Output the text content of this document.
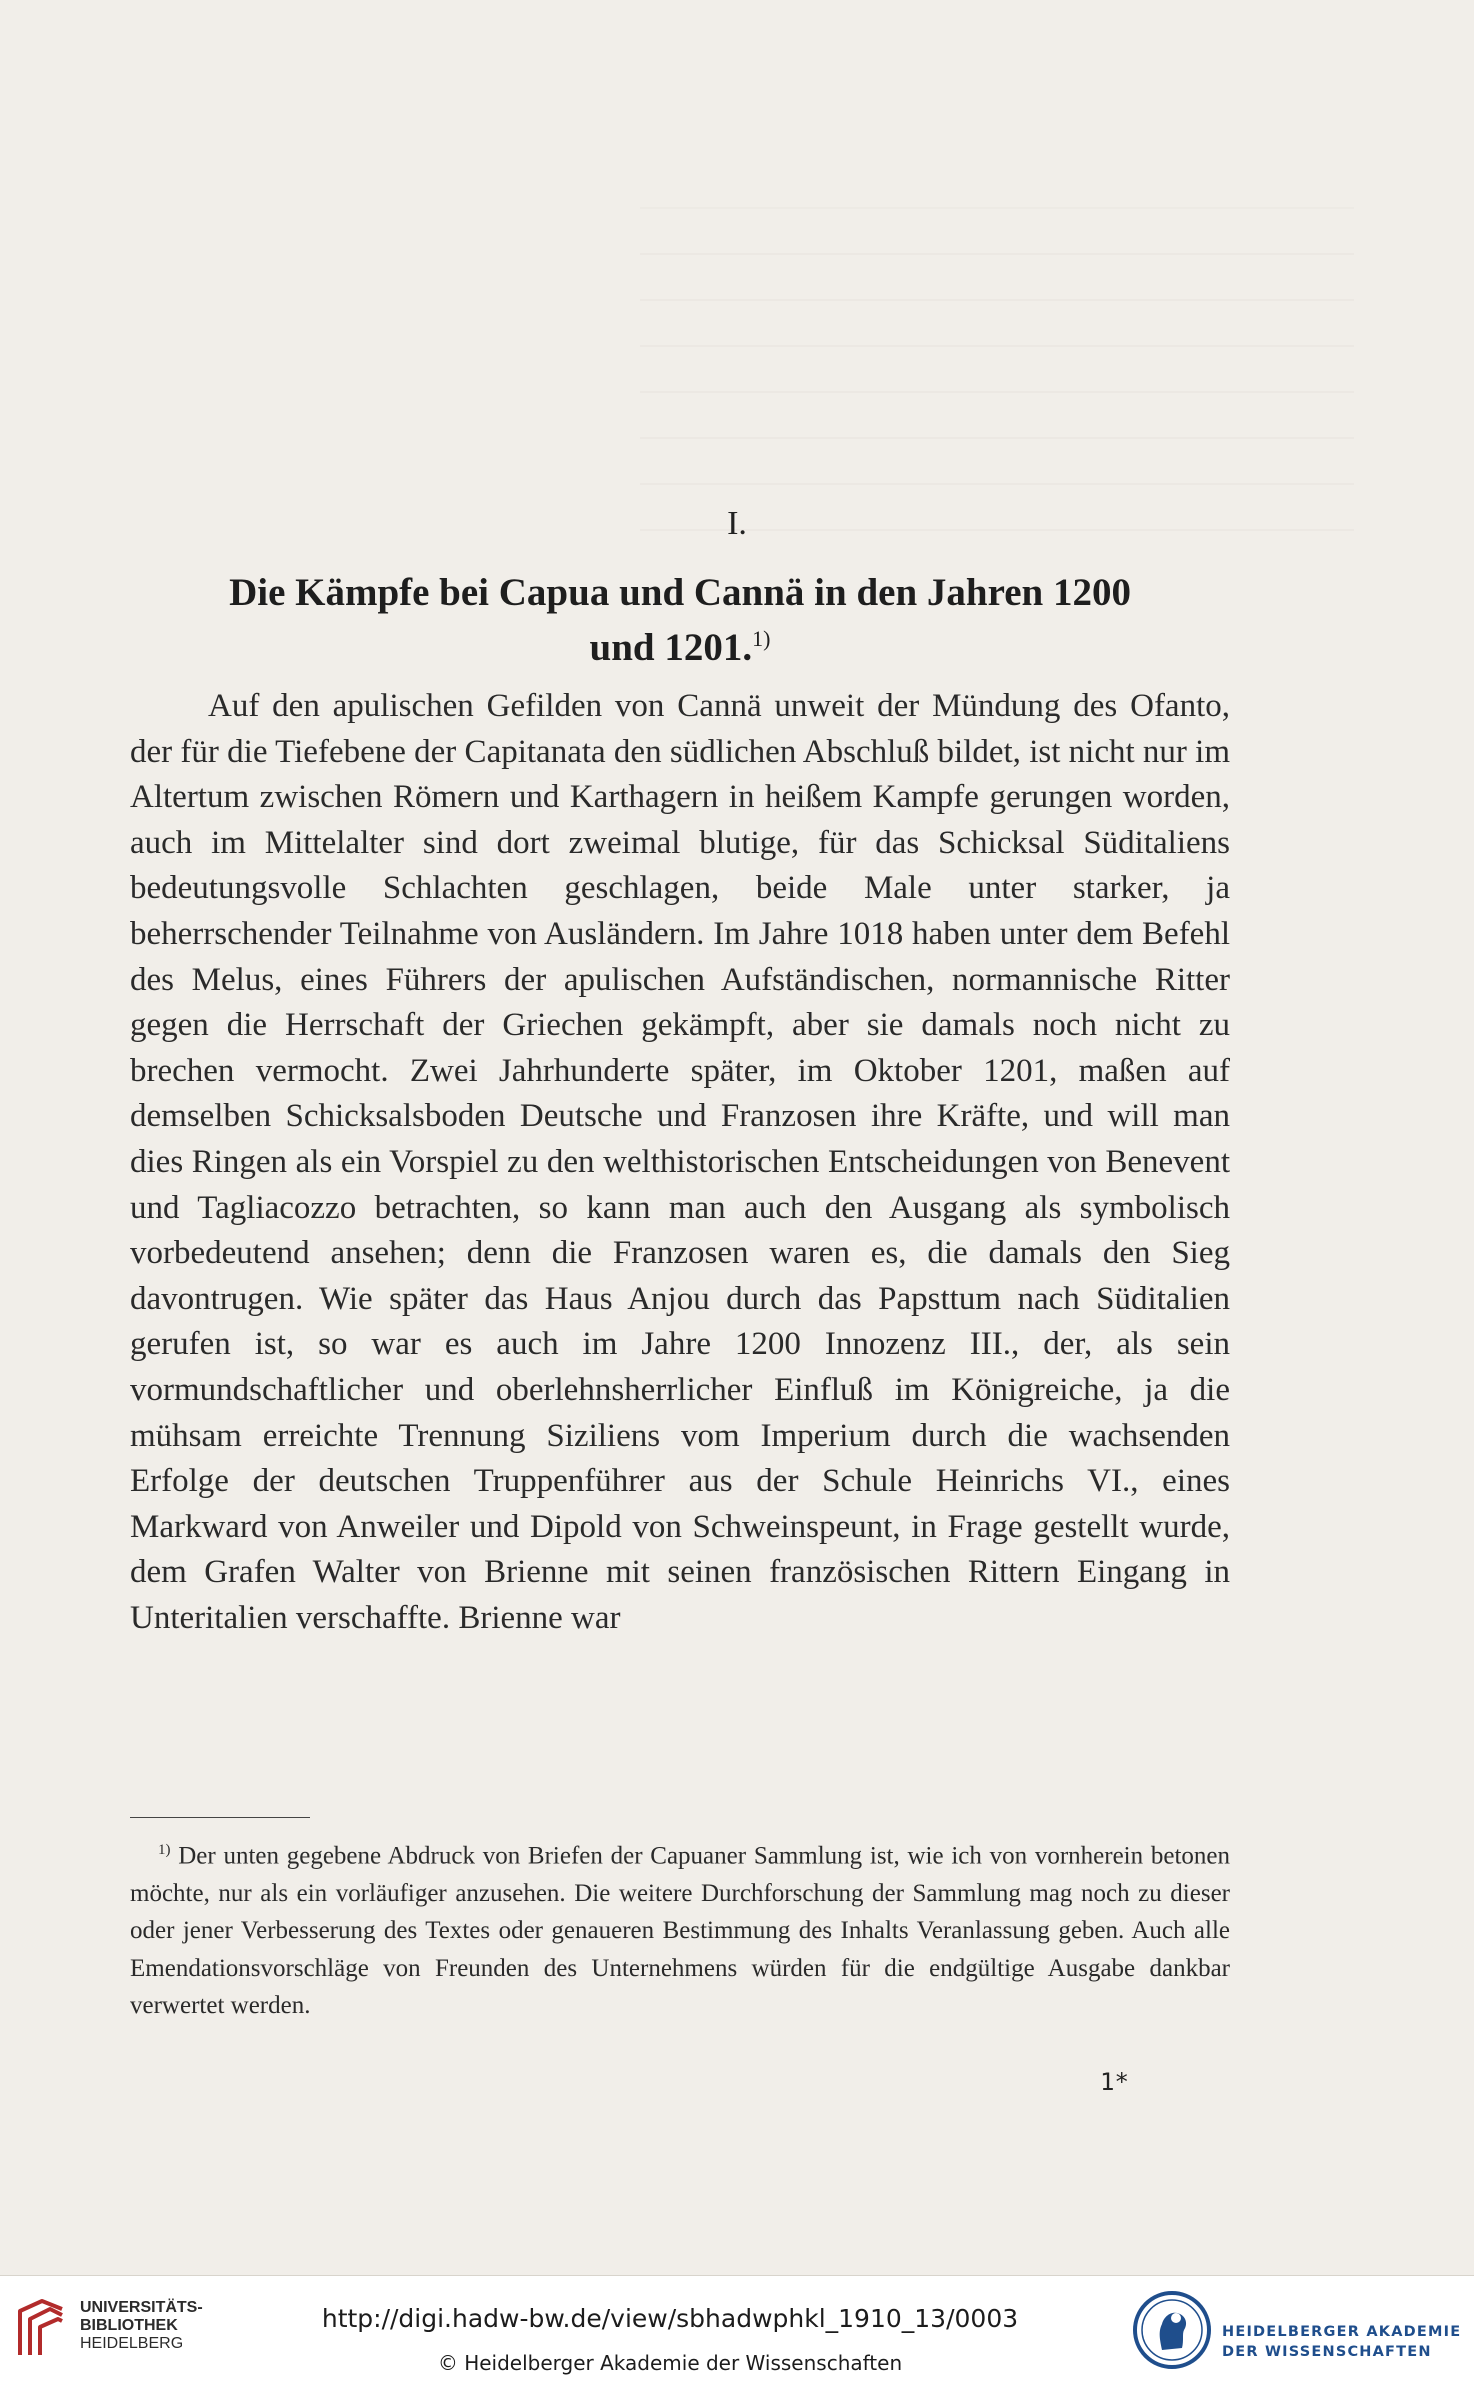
I.
Die Kämpfe bei Capua und Cannä in den Jahren 1200
und 1201.$^{1)}$

Auf den apulischen Gefilden von Cannä unweit der Mündung des Ofanto, der für die Tiefebene der Capitanata den südlichen Abschluß bildet, ist nicht nur im Altertum zwischen Römern und Karthagern in heißem Kampfe gerungen worden, auch im Mittelalter sind dort zweimal blutige, für das Schicksal Süditaliens bedeutungsvolle Schlachten geschlagen, beide Male unter starker, ja beherrschender Teilnahme von Ausländern. Im Jahre 1018 haben unter dem Befehl des Melus, eines Führers der apulischen Aufständischen, normannische Ritter gegen die Herrschaft der Griechen gekämpft, aber sie damals noch nicht zu brechen vermocht. Zwei Jahrhunderte später, im Oktober 1201, maßen auf demselben Schicksalsboden Deutsche und Franzosen ihre Kräfte, und will man dies Ringen als ein Vorspiel zu den welthistorischen Entscheidungen von Benevent und Tagliacozzo betrachten, so kann man auch den Ausgang als symbolisch vorbedeutend ansehen; denn die Franzosen waren es, die damals den Sieg davontrugen. Wie später das Haus Anjou durch das Papsttum nach Süditalien gerufen ist, so war es auch im Jahre 1200 Innozenz III., der, als sein vormundschaftlicher und oberlehnsherrlicher Einfluß im Königreiche, ja die mühsam erreichte Trennung Siziliens vom Imperium durch die wachsenden Erfolge der deutschen Truppenführer aus der Schule Heinrichs VI., eines Markward von Anweiler und Dipold von Schweinspeunt, in Frage gestellt wurde, dem Grafen Walter von Brienne mit seinen französischen Rittern Eingang in Unteritalien verschaffte. Brienne war

$^{1)}$ Der unten gegebene Abdruck von Briefen der Capuaner Sammlung ist, wie ich von vornherein betonen möchte, nur als ein vorläufiger anzusehen. Die weitere Durchforschung der Sammlung mag noch zu dieser oder jener Verbesserung des Textes oder genaueren Bestimmung des Inhalts Veranlassung geben. Auch alle Emendationsvorschläge von Freunden des Unternehmens würden für die endgültige Ausgabe dankbar verwertet werden.

1*
UNIVERSITÄTS-
BIBLIOTHEK
HEIDELBERG
http://digi.hadw-bw.de/view/sbhadwphkl_1910_13/0003
© Heidelberger Akademie der Wissenschaften
HEIDELBERGER AKADEMIE
DER WISSENSCHAFTEN
